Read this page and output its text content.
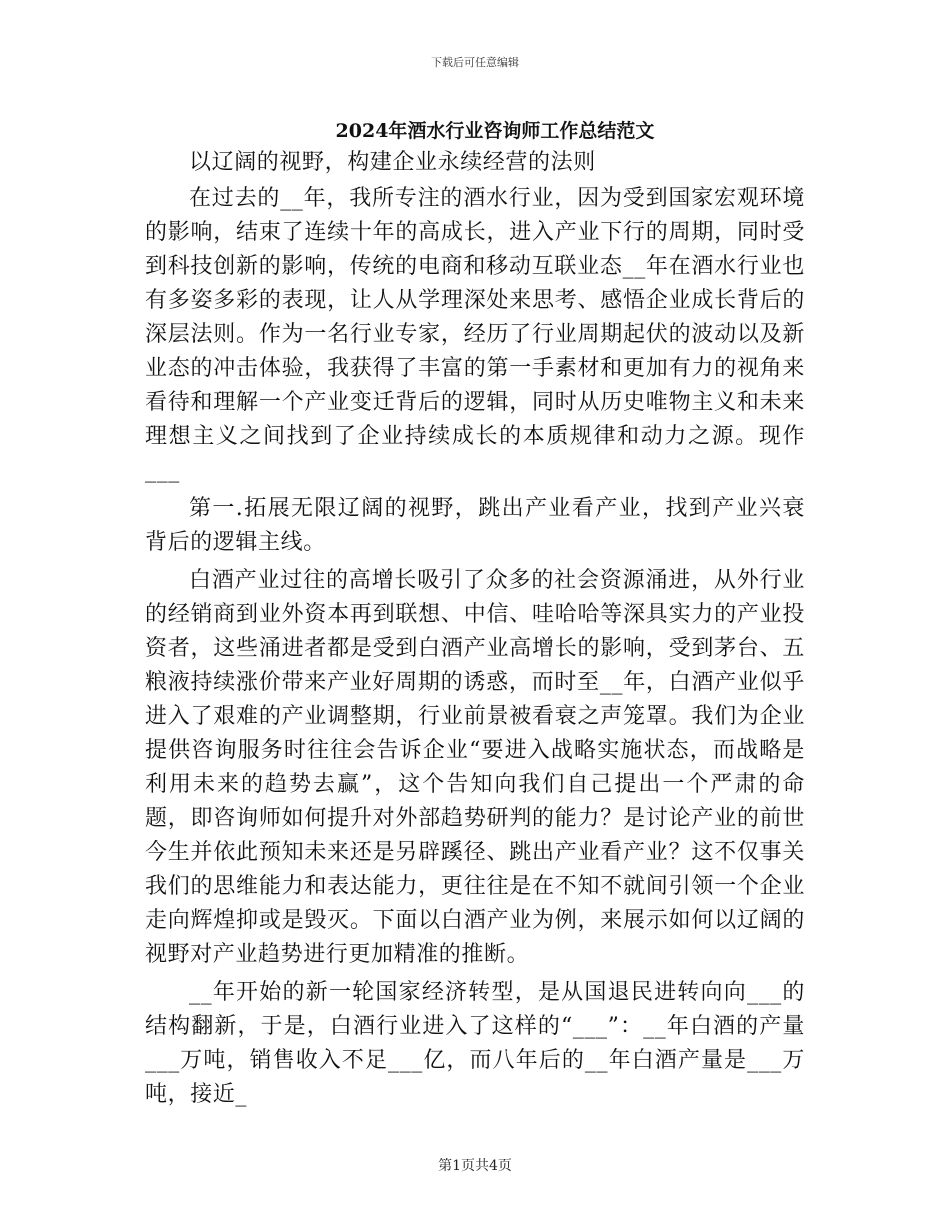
下载后可任意编辑
2024年酒水行业咨询师工作总结范文

以辽阔的视野，构建企业永续经营的法则

在过去的__年，我所专注的酒水行业，因为受到国家宏观环境的影响，结束了连续十年的高成长，进入产业下行的周期，同时受到科技创新的影响，传统的电商和移动互联业态__年在酒水行业也有多姿多彩的表现，让人从学理深处来思考、感悟企业成长背后的深层法则。作为一名行业专家，经历了行业周期起伏的波动以及新业态的冲击体验，我获得了丰富的第一手素材和更加有力的视角来看待和理解一个产业变迁背后的逻辑，同时从历史唯物主义和未来理想主义之间找到了企业持续成长的本质规律和动力之源。现作___

第一.拓展无限辽阔的视野，跳出产业看产业，找到产业兴衰背后的逻辑主线。

白酒产业过往的高增长吸引了众多的社会资源涌进，从外行业的经销商到业外资本再到联想、中信、哇哈哈等深具实力的产业投资者，这些涌进者都是受到白酒产业高增长的影响，受到茅台、五粮液持续涨价带来产业好周期的诱惑，而时至__年，白酒产业似乎进入了艰难的产业调整期，行业前景被看衰之声笼罩。我们为企业提供咨询服务时往往会告诉企业“要进入战略实施状态，而战略是利用未来的趋势去赢”，这个告知向我们自己提出一个严肃的命题，即咨询师如何提升对外部趋势研判的能力？是讨论产业的前世今生并依此预知未来还是另辟蹊径、跳出产业看产业？这不仅事关我们的思维能力和表达能力，更往往是在不知不就间引领一个企业走向辉煌抑或是毁灭。下面以白酒产业为例，来展示如何以辽阔的视野对产业趋势进行更加精准的推断。

__年开始的新一轮国家经济转型，是从国退民进转向向___的结构翻新，于是，白酒行业进入了这样的“___”：__年白酒的产量___万吨，销售收入不足___亿，而八年后的__年白酒产量是___万吨，接近_

第1页共4页
